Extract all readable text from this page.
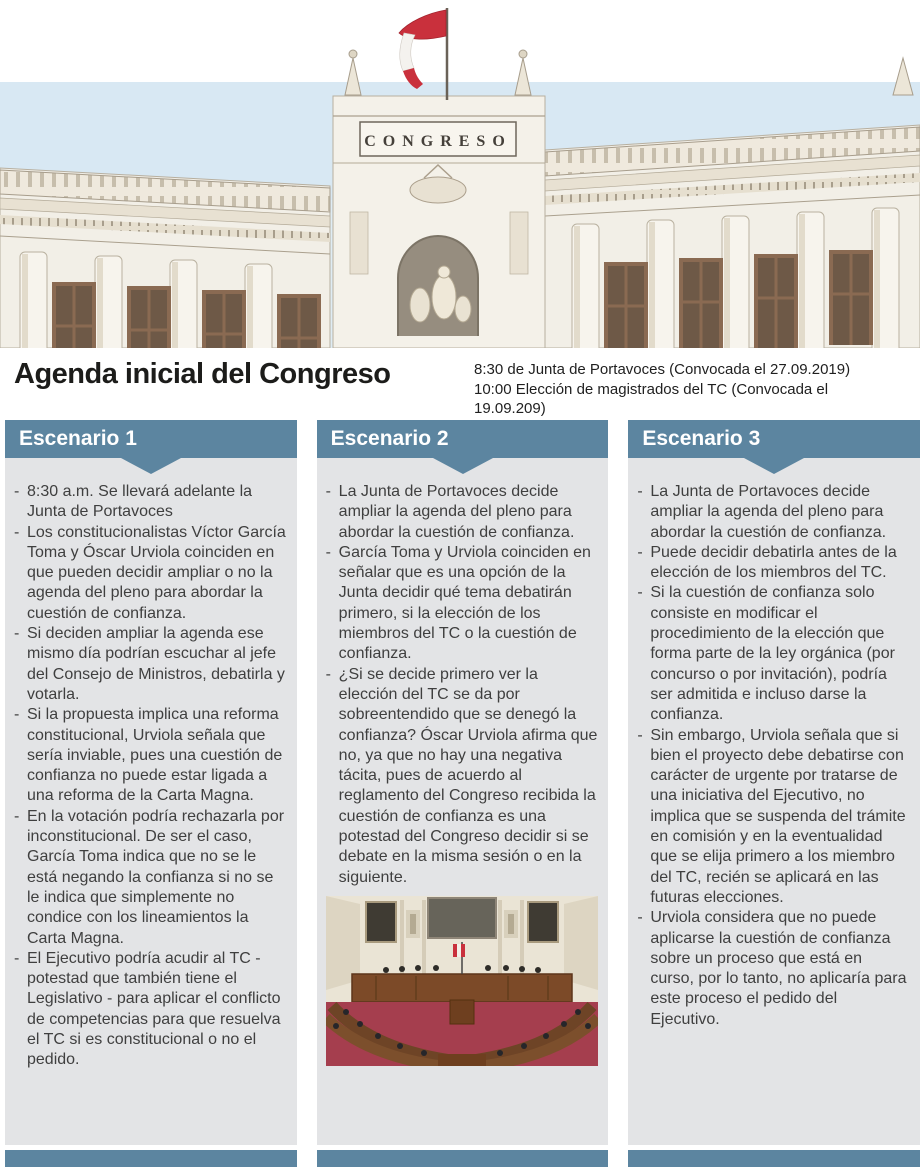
CONGRESO
Agenda inicial del Congreso	8:30 de Junta de Portavoces (Convocada el 27.09.2019)
10:00 Elección de magistrados del TC (Convocada el 19.09.209)
Escenario 1
- 8:30 a.m. Se llevará adelante la Junta de Portavoces
- Los constitucionalistas Víctor García Toma y Óscar Urviola coinciden en que pueden decidir ampliar o no la agenda del pleno para abordar la cuestión de confianza.
- Si deciden ampliar la agenda ese mismo día podrían escuchar al jefe del Consejo de Ministros, debatirla y votarla.
- Si la propuesta implica una reforma constitucional, Urviola señala que sería inviable, pues una cuestión de confianza no puede estar ligada a una reforma de la Carta Magna.
- En la votación podría rechazarla por inconstitucional. De ser el caso, García Toma indica que no se le está negando la confianza si no se le indica que simplemente no condice con los lineamientos la Carta Magna.
- El Ejecutivo podría acudir al TC - potestad que también tiene el Legislativo - para aplicar el conflicto de competencias para que resuelva el TC si es constitucional o no el pedido.
Escenario 2
- La Junta de Portavoces decide ampliar la agenda del pleno para abordar la cuestión de confianza.
- García Toma y Urviola coinciden en señalar que es una opción de la Junta decidir qué tema debatirán primero, si la elección de los miembros del TC o la cuestión de confianza.
- ¿Si se decide primero ver la elección del TC se da por sobreentendido que se denegó la confianza? Óscar Urviola afirma que no, ya que no hay una negativa tácita, pues de acuerdo al reglamento del Congreso recibida la cuestión de confianza es una potestad del Congreso decidir si se debate en la misma sesión o en la siguiente.
Escenario 3
- La Junta de Portavoces decide ampliar la agenda del pleno para abordar la cuestión de confianza.
- Puede decidir debatirla antes de la elección de los miembros del TC.
- Si la cuestión de confianza solo consiste en modificar el procedimiento de la elección que forma parte de la ley orgánica (por concurso o por invitación), podría ser admitida e incluso darse la confianza.
- Sin embargo, Urviola señala que si bien el proyecto debe debatirse con carácter de urgente por tratarse de una iniciativa del Ejecutivo, no implica que se suspenda del trámite en comisión y en la eventualidad que se elija primero a los miembro del TC, recién se aplicará en las futuras elecciones.
- Urviola considera que no puede aplicarse la cuestión de confianza sobre un proceso que está en curso, por lo tanto, no aplicaría para este proceso el pedido del Ejecutivo.
